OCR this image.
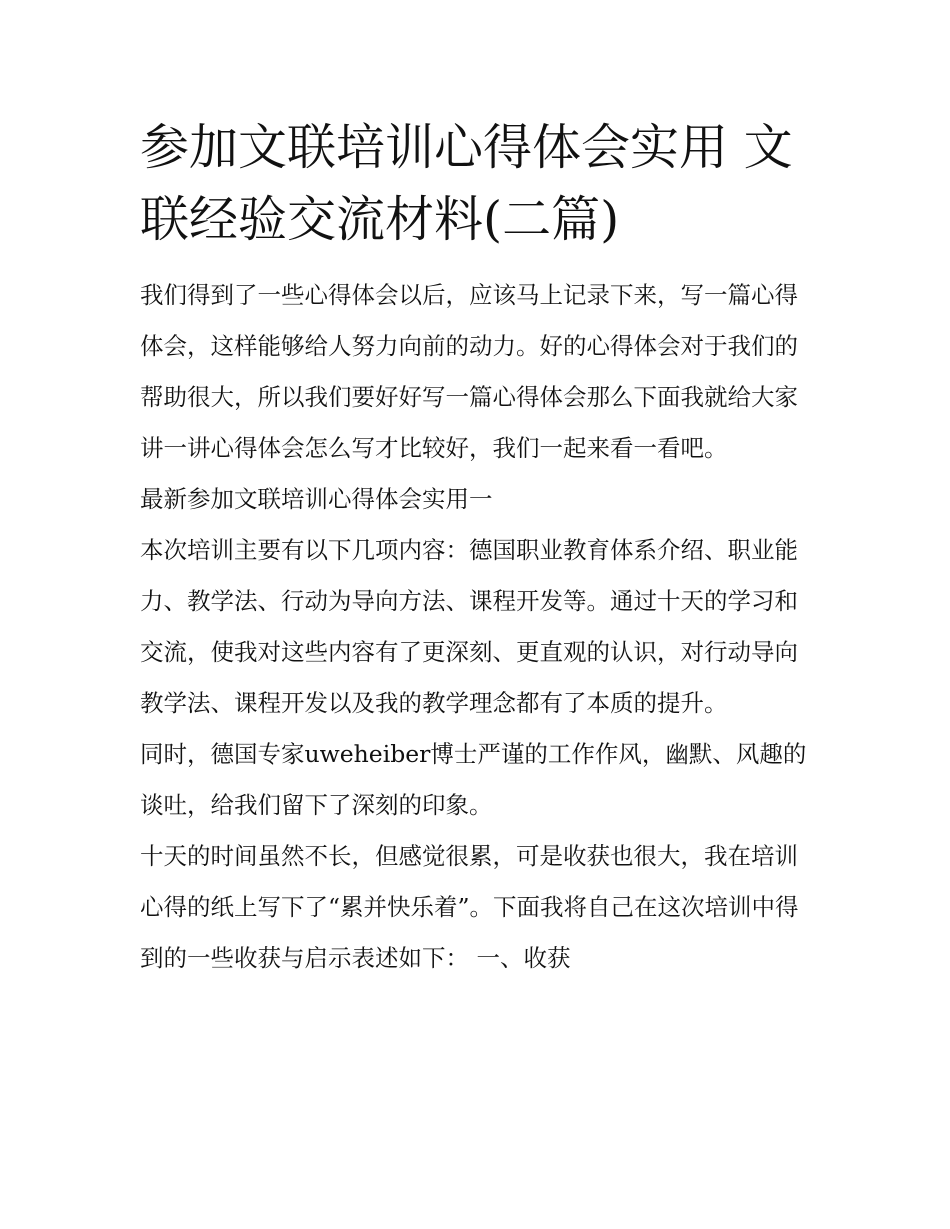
参加文联培训心得体会实用 文联经验交流材料(二篇)

我们得到了一些心得体会以后，应该马上记录下来，写一篇心得体会，这样能够给人努力向前的动力。好的心得体会对于我们的帮助很大，所以我们要好好写一篇心得体会那么下面我就给大家讲一讲心得体会怎么写才比较好，我们一起来看一看吧。

最新参加文联培训心得体会实用一

本次培训主要有以下几项内容：德国职业教育体系介绍、职业能力、教学法、行动为导向方法、课程开发等。通过十天的学习和交流，使我对这些内容有了更深刻、更直观的认识，对行动导向教学法、课程开发以及我的教学理念都有了本质的提升。

同时，德国专家uweheiber博士严谨的工作作风，幽默、风趣的谈吐，给我们留下了深刻的印象。

十天的时间虽然不长，但感觉很累，可是收获也很大，我在培训心得的纸上写下了“累并快乐着”。下面我将自己在这次培训中得到的一些收获与启示表述如下： 一、收获
